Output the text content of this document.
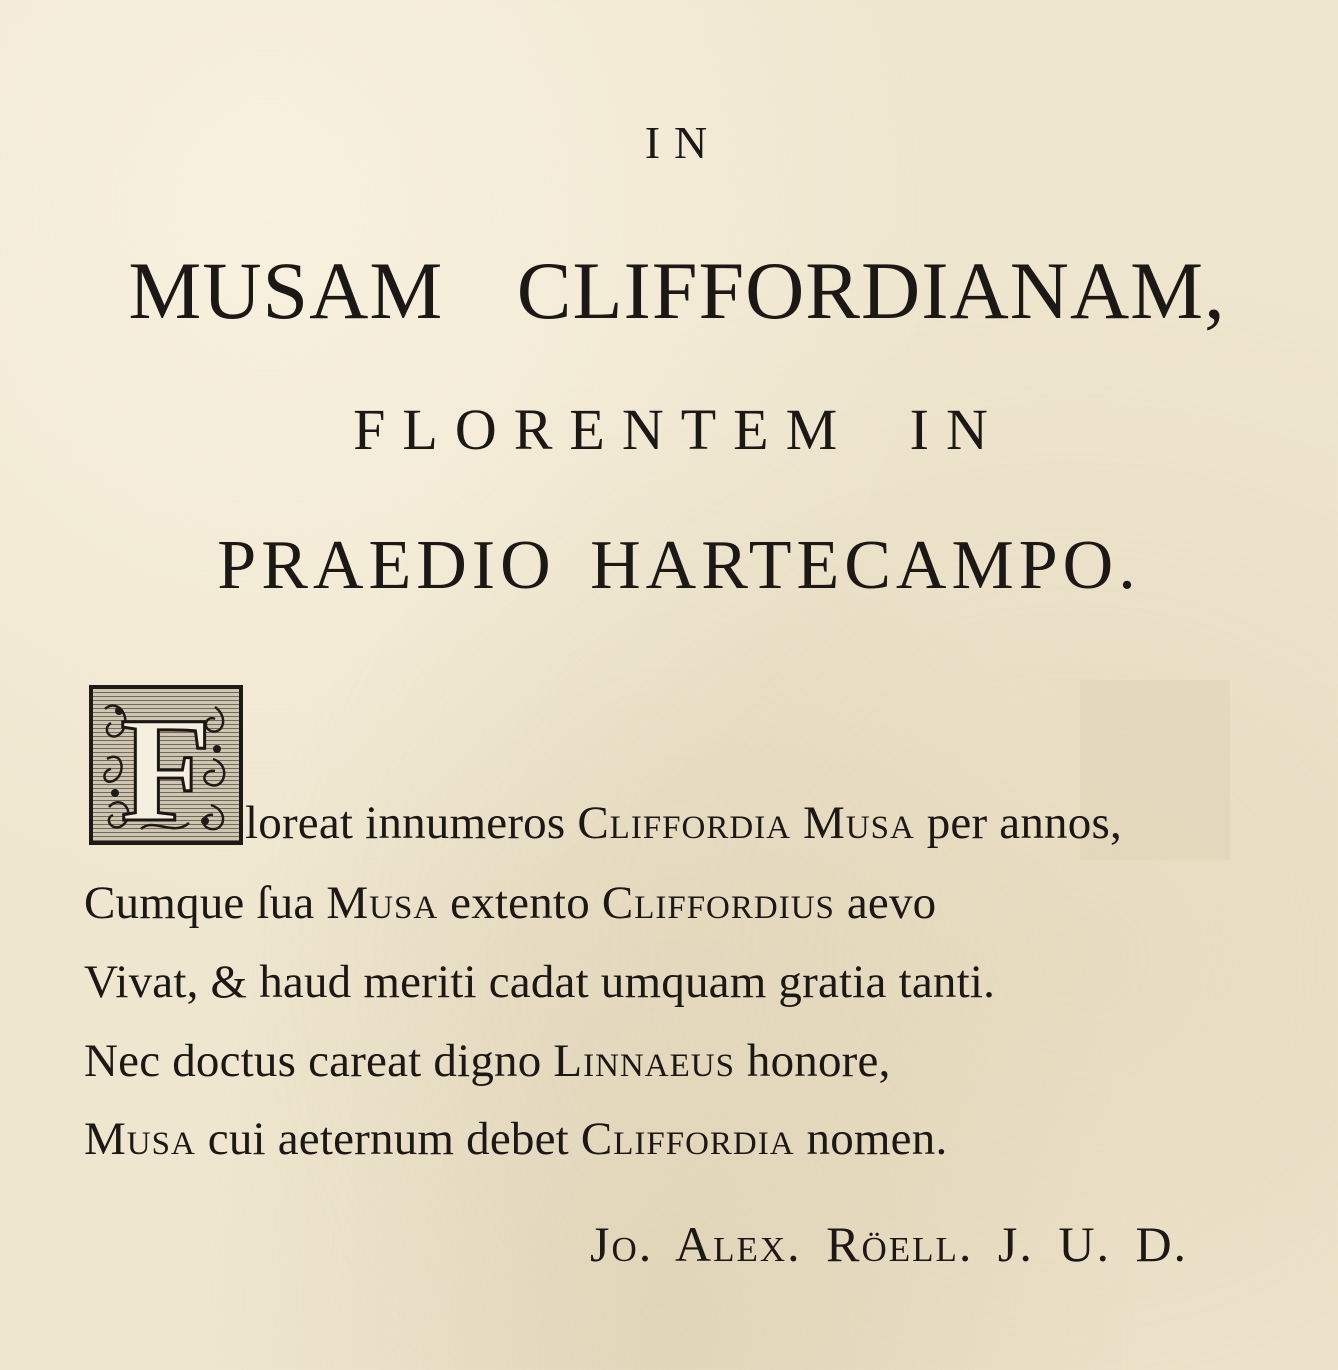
IN
MUSAM CLIFFORDIANAM,
FLORENTEM IN
PRAEDIO HARTECAMPO.
F loreat innumeros Cliffordia Musa per annos,
Cumque ſua Musa extento Cliffordius aevo
Vivat, & haud meriti cadat umquam gratia tanti.
Nec doctus careat digno Linnaeus honore,
Musa cui aeternum debet Cliffordia nomen.
Jo. Alex. Röell. J. U. D.
